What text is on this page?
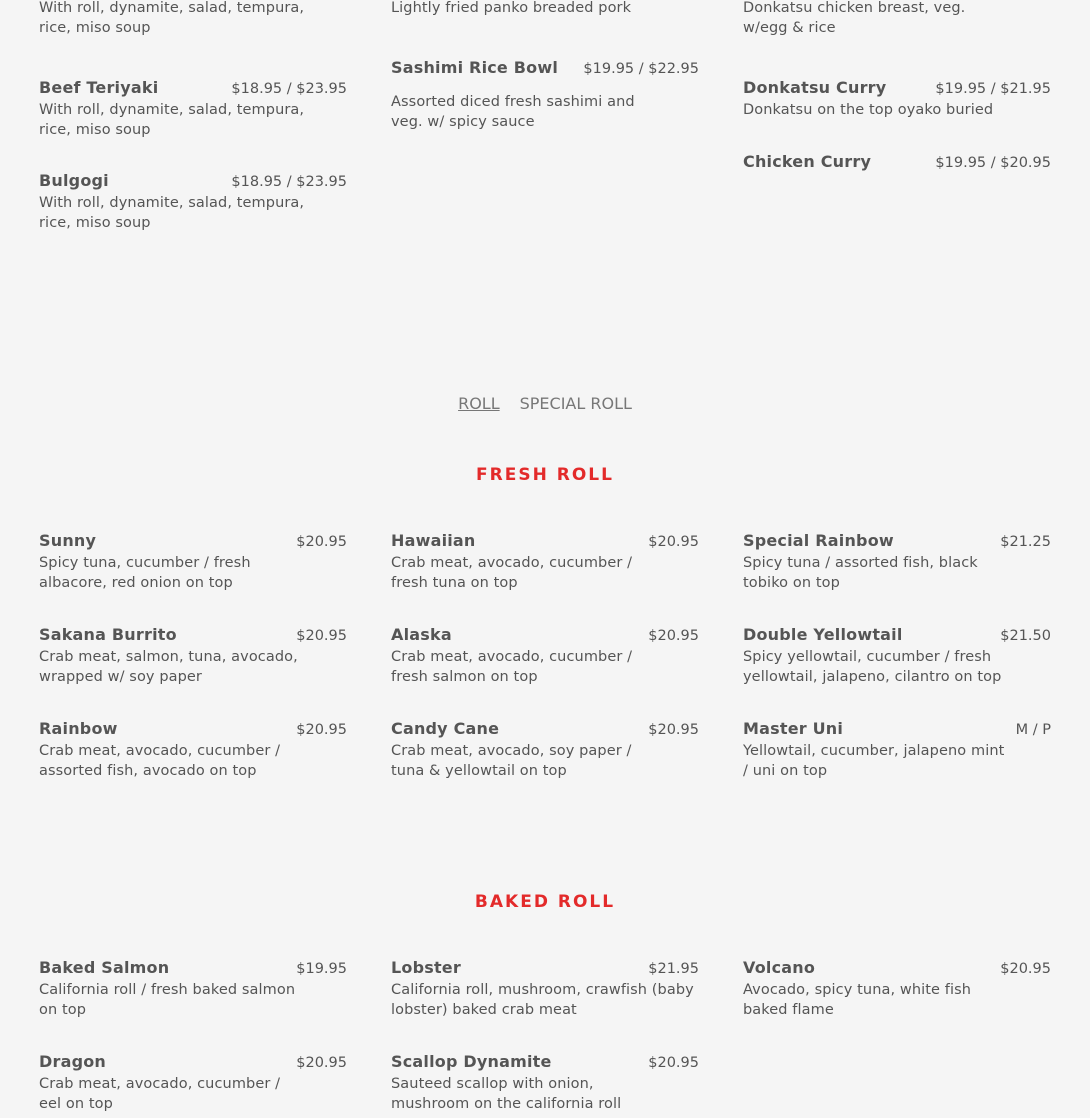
With roll, dynamite, salad, tempura, rice, miso soup
Beef Teriyaki	$18.95 / $23.95
With roll, dynamite, salad, tempura, rice, miso soup
Bulgogi	$18.95 / $23.95
With roll, dynamite, salad, tempura, rice, miso soup
Lightly fried panko breaded pork
Sashimi Rice Bowl $19.95 / $22.95
Assorted diced fresh sashimi and veg. w/ spicy sauce
Donkatsu chicken breast, veg. w/egg & rice
Donkatsu Curry	$19.95 / $21.95
Donkatsu on the top oyako buried
Chicken Curry	$19.95 / $20.95
ROLL SPECIAL ROLL
FRESH ROLL
Sunny	$20.95
Spicy tuna, cucumber / fresh albacore, red onion on top
Sakana Burrito	$20.95
Crab meat, salmon, tuna, avocado, wrapped w/ soy paper
Rainbow	$20.95
Crab meat, avocado, cucumber / assorted fish, avocado on top
Hawaiian	$20.95
Crab meat, avocado, cucumber / fresh tuna on top
Alaska	$20.95
Crab meat, avocado, cucumber / fresh salmon on top
Candy Cane	$20.95
Crab meat, avocado, soy paper / tuna & yellowtail on top
Special Rainbow	$21.25
Spicy tuna / assorted fish, black tobiko on top
Double Yellowtail	$21.50
Spicy yellowtail, cucumber / fresh yellowtail, jalapeno, cilantro on top
Master Uni	M / P
Yellowtail, cucumber, jalapeno mint / uni on top
BAKED ROLL
Baked Salmon	$19.95
California roll / fresh baked salmon on top
Dragon	$20.95
Crab meat, avocado, cucumber / eel on top
Lobster	$21.95
California roll, mushroom, crawfish (baby lobster) baked crab meat
Scallop Dynamite	$20.95
Sauteed scallop with onion, mushroom on the california roll
Volcano	$20.95
Avocado, spicy tuna, white fish baked flame
